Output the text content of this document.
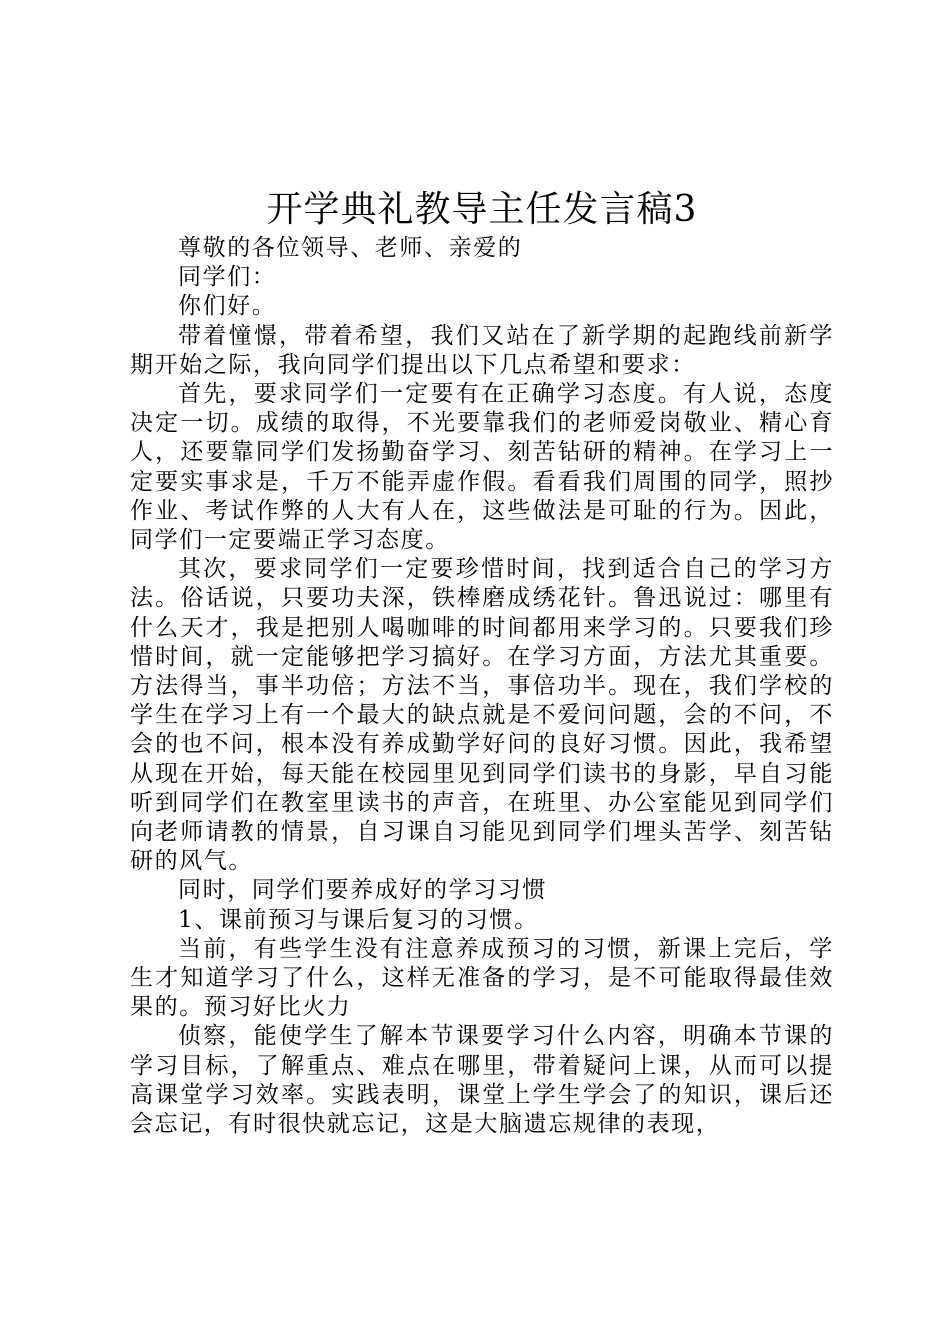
开学典礼教导主任发言稿3

尊敬的各位领导、老师、亲爱的

同学们：

你们好。

带着憧憬，带着希望，我们又站在了新学期的起跑线前新学期开始之际，我向同学们提出以下几点希望和要求：

首先，要求同学们一定要有在正确学习态度。有人说，态度决定一切。成绩的取得，不光要靠我们的老师爱岗敬业、精心育人，还要靠同学们发扬勤奋学习、刻苦钻研的精神。在学习上一定要实事求是，千万不能弄虚作假。看看我们周围的同学，照抄作业、考试作弊的人大有人在，这些做法是可耻的行为。因此，同学们一定要端正学习态度。

其次，要求同学们一定要珍惜时间，找到适合自己的学习方法。俗话说，只要功夫深，铁棒磨成绣花针。鲁迅说过：哪里有什么天才，我是把别人喝咖啡的时间都用来学习的。只要我们珍惜时间，就一定能够把学习搞好。在学习方面，方法尤其重要。方法得当，事半功倍；方法不当，事倍功半。现在，我们学校的学生在学习上有一个最大的缺点就是不爱问问题，会的不问，不会的也不问，根本没有养成勤学好问的良好习惯。因此，我希望从现在开始，每天能在校园里见到同学们读书的身影，早自习能听到同学们在教室里读书的声音，在班里、办公室能见到同学们向老师请教的情景，自习课自习能见到同学们埋头苦学、刻苦钻研的风气。

同时，同学们要养成好的学习习惯

1、课前预习与课后复习的习惯。

当前，有些学生没有注意养成预习的习惯，新课上完后，学生才知道学习了什么，这样无准备的学习，是不可能取得最佳效果的。预习好比火力

侦察，能使学生了解本节课要学习什么内容，明确本节课的学习目标，了解重点、难点在哪里，带着疑问上课，从而可以提高课堂学习效率。实践表明，课堂上学生学会了的知识，课后还会忘记，有时很快就忘记，这是大脑遗忘规律的表现，
